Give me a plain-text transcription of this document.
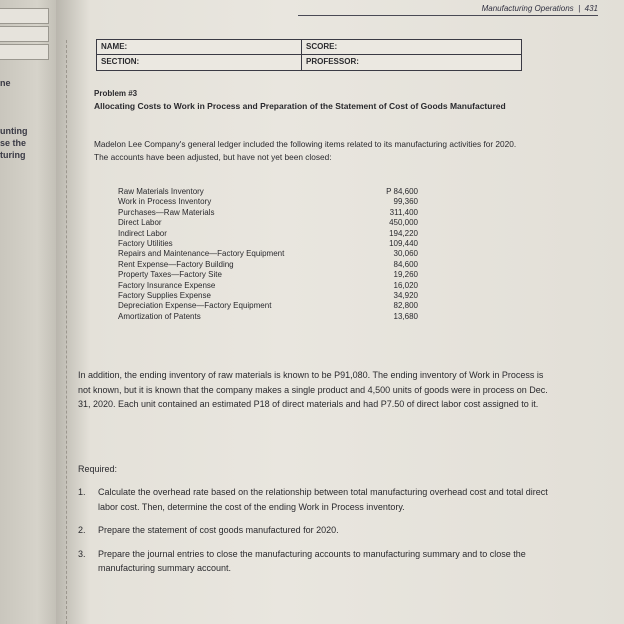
ne
unting
se the
turing
Manufacturing Operations  |  431
NAME:	SCORE:
SECTION:	PROFESSOR:
Problem #3
Allocating Costs to Work in Process and Preparation of the Statement of Cost of Goods Manufactured
Madelon Lee Company's general ledger included the following items related to its manufacturing activities for 2020. The accounts have been adjusted, but have not yet been closed:
Raw Materials Inventory	P 84,600
Work in Process Inventory	99,360
Purchases—Raw Materials	311,400
Direct Labor	450,000
Indirect Labor	194,220
Factory Utilities	109,440
Repairs and Maintenance—Factory Equipment	30,060
Rent Expense—Factory Building	84,600
Property Taxes—Factory Site	19,260
Factory Insurance Expense	16,020
Factory Supplies Expense	34,920
Depreciation Expense—Factory Equipment	82,800
Amortization of Patents	13,680
In addition, the ending inventory of raw materials is known to be P91,080. The ending inventory of Work in Process is not known, but it is known that the company makes a single product and 4,500 units of goods were in process on Dec. 31, 2020. Each unit contained an estimated P18 of direct materials and had P7.50 of direct labor cost assigned to it.
Required:
1.	Calculate the overhead rate based on the relationship between total manufacturing overhead cost and total direct labor cost. Then, determine the cost of the ending Work in Process inventory.
2.	Prepare the statement of cost goods manufactured for 2020.
3.	Prepare the journal entries to close the manufacturing accounts to manufacturing summary and to close the manufacturing summary account.
